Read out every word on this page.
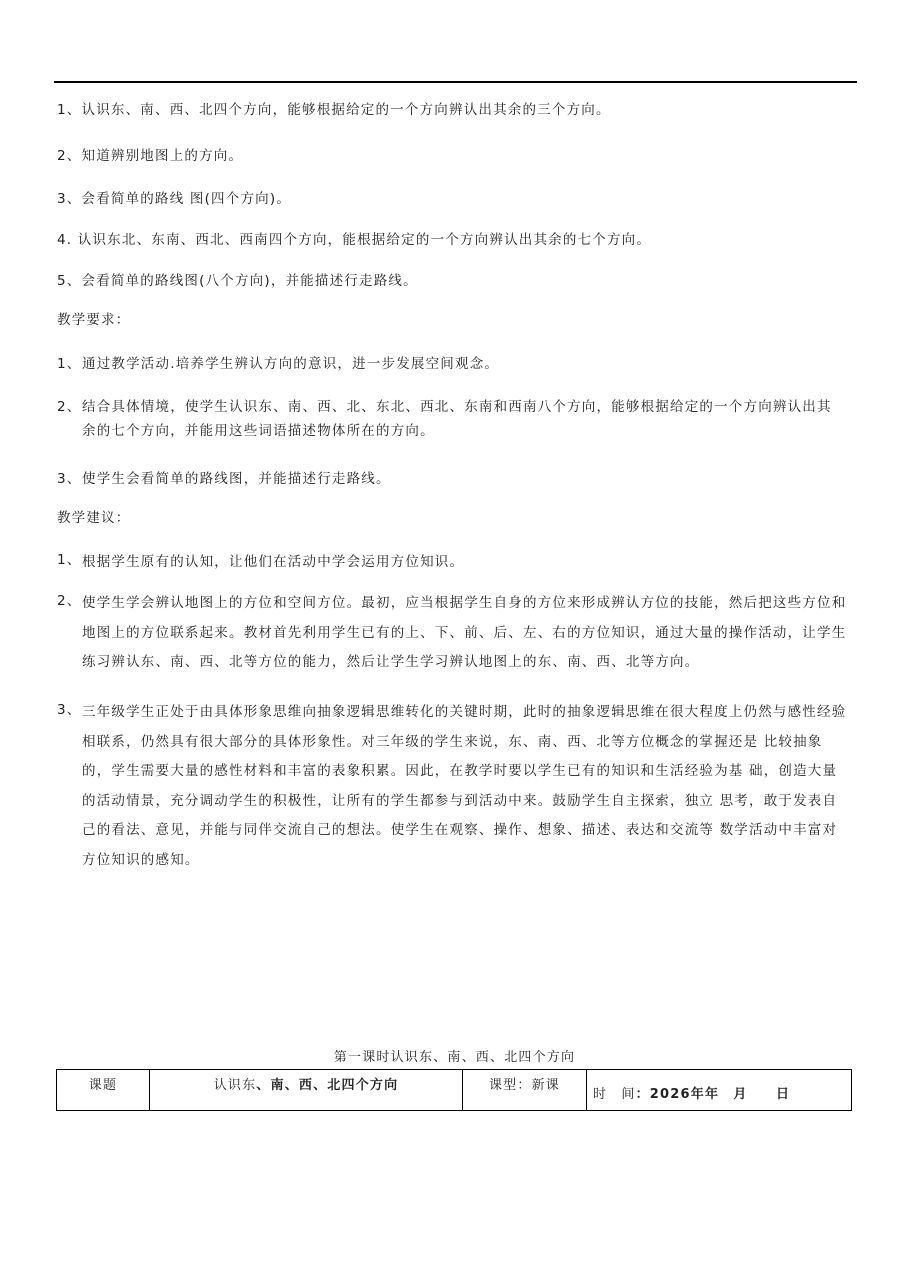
1、认识东、南、西、北四个方向，能够根据给定的一个方向辨认出其余的三个方向。
2、知道辨别地图上的方向。
3、会看简单的路线 图(四个方向)。
4. 认识东北、东南、西北、西南四个方向，能根据给定的一个方向辨认出其余的七个方向。
5、会看简单的路线图(八个方向)，并能描述行走路线。
教学要求：
1、 通过教学活动.培养学生辨认方向的意识，进一步发展空间观念。
2、 结合具体情境，使学生认识东、南、西、北、东北、西北、东南和西南八个方向，能够根据给定的一个方向辨认出其 余的七个方向，并能用这些词语描述物体所在的方向。
3、 使学生会看简单的路线图，并能描述行走路线。
教学建议：
1、 根据学生原有的认知，让他们在活动中学会运用方位知识。
2、 使学生学会辨认地图上的方位和空间方位。最初，应当根据学生自身的方位来形成辨认方位的技能，然后把这些方位和地图上的方位联系起来。教材首先利用学生已有的上、下、前、后、左、右的方位知识，通过大量的操作活动，让学生练习辨认东、南、西、北等方位的能力，然后让学生学习辨认地图上的东、南、西、北等方向。
3、 三年级学生正处于由具体形象思维向抽象逻辑思维转化的关键时期，此时的抽象逻辑思维在很大程度上仍然与感性经验相联系，仍然具有很大部分的具体形象性。对三年级的学生来说，东、南、西、北等方位概念的掌握还是 比较抽象的，学生需要大量的感性材料和丰富的表象积累。因此，在教学时要以学生已有的知识和生活经验为基 础，创造大量的活动情景，充分调动学生的积极性，让所有的学生都参与到活动中来。鼓励学生自主探索，独立 思考，敢于发表自己的看法、意见，并能与同伴交流自己的想法。使学生在观察、操作、想象、描述、表达和交流等 数学活动中丰富对方位知识的感知。
第一课时认识东、南、西、北四个方向
课题	认识东、南、西、北四个方向	课型：新课	时　间：2026年年　月　　日
